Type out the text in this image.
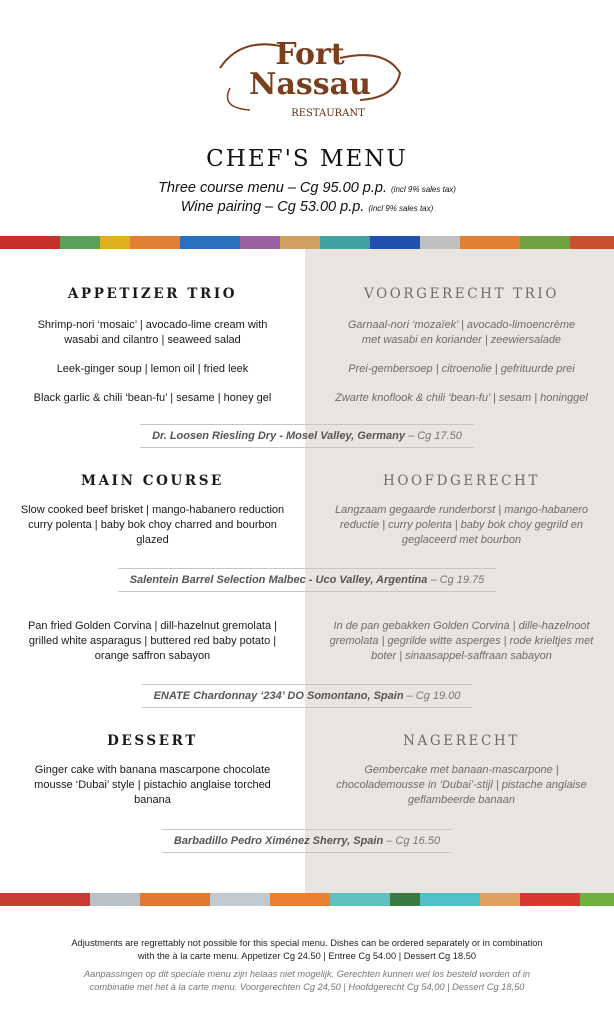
Fort
Nassau
RESTAURANT
CHEF'S MENU
Three course menu – Cg 95.00 p.p. (incl 9% sales tax)
Wine pairing – Cg 53.00 p.p. (incl 9% sales tax)
APPETIZER TRIO
Shrimp-nori ‘mosaic’ | avocado-lime cream with wasabi and cilantro | seaweed salad
Leek-ginger soup | lemon oil | fried leek
Black garlic & chili ‘bean-fu’ | sesame | honey gel
VOORGERECHT TRIO
Garnaal-nori ‘mozaïek’ | avocado-limoencrème met wasabi en koriander | zeewiersalade
Prei-gembersoep | citroenolie | gefrituurde prei
Zwarte knoflook & chili ‘bean-fu’ | sesam | honinggel
Dr. Loosen Riesling Dry - Mosel Valley, Germany – Cg 17.50
MAIN COURSE
Slow cooked beef brisket | mango-habanero reduction curry polenta | baby bok choy charred and bourbon glazed
HOOFDGERECHT
Langzaam gegaarde runderborst | mango-habanero reductie | curry polenta | baby bok choy gegrild en geglaceerd met bourbon
Salentein Barrel Selection Malbec - Uco Valley, Argentina – Cg 19.75
Pan fried Golden Corvina | dill-hazelnut gremolata | grilled white asparagus | buttered red baby potato | orange saffron sabayon
In de pan gebakken Golden Corvina | dille-hazelnoot gremolata | gegrilde witte asperges | rode krieltjes met boter | sinaasappel-saffraan sabayon
ENATE Chardonnay ‘234’ DO Somontano, Spain – Cg 19.00
DESSERT
Ginger cake with banana mascarpone chocolate mousse ‘Dubai’ style | pistachio anglaise torched banana
NAGERECHT
Gembercake met banaan-mascarpone | chocolademousse in ‘Dubai’-stijl | pistache anglaise geflambeerde banaan
Barbadillo Pedro Ximénez Sherry, Spain – Cg 16.50
Adjustments are regrettably not possible for this special menu. Dishes can be ordered separately or in combination with the à la carte menu. Appetizer Cg 24.50 | Entree Cg 54.00 | Dessert Cg 18.50
Aanpassingen op dit speciale menu zijn helaas niet mogelijk. Gerechten kunnen wel los besteld worden of in combinatie met het à la carte menu. Voorgerechten Cg 24,50 | Hoofdgerecht Cg 54,00 | Dessert Cg 18,50
